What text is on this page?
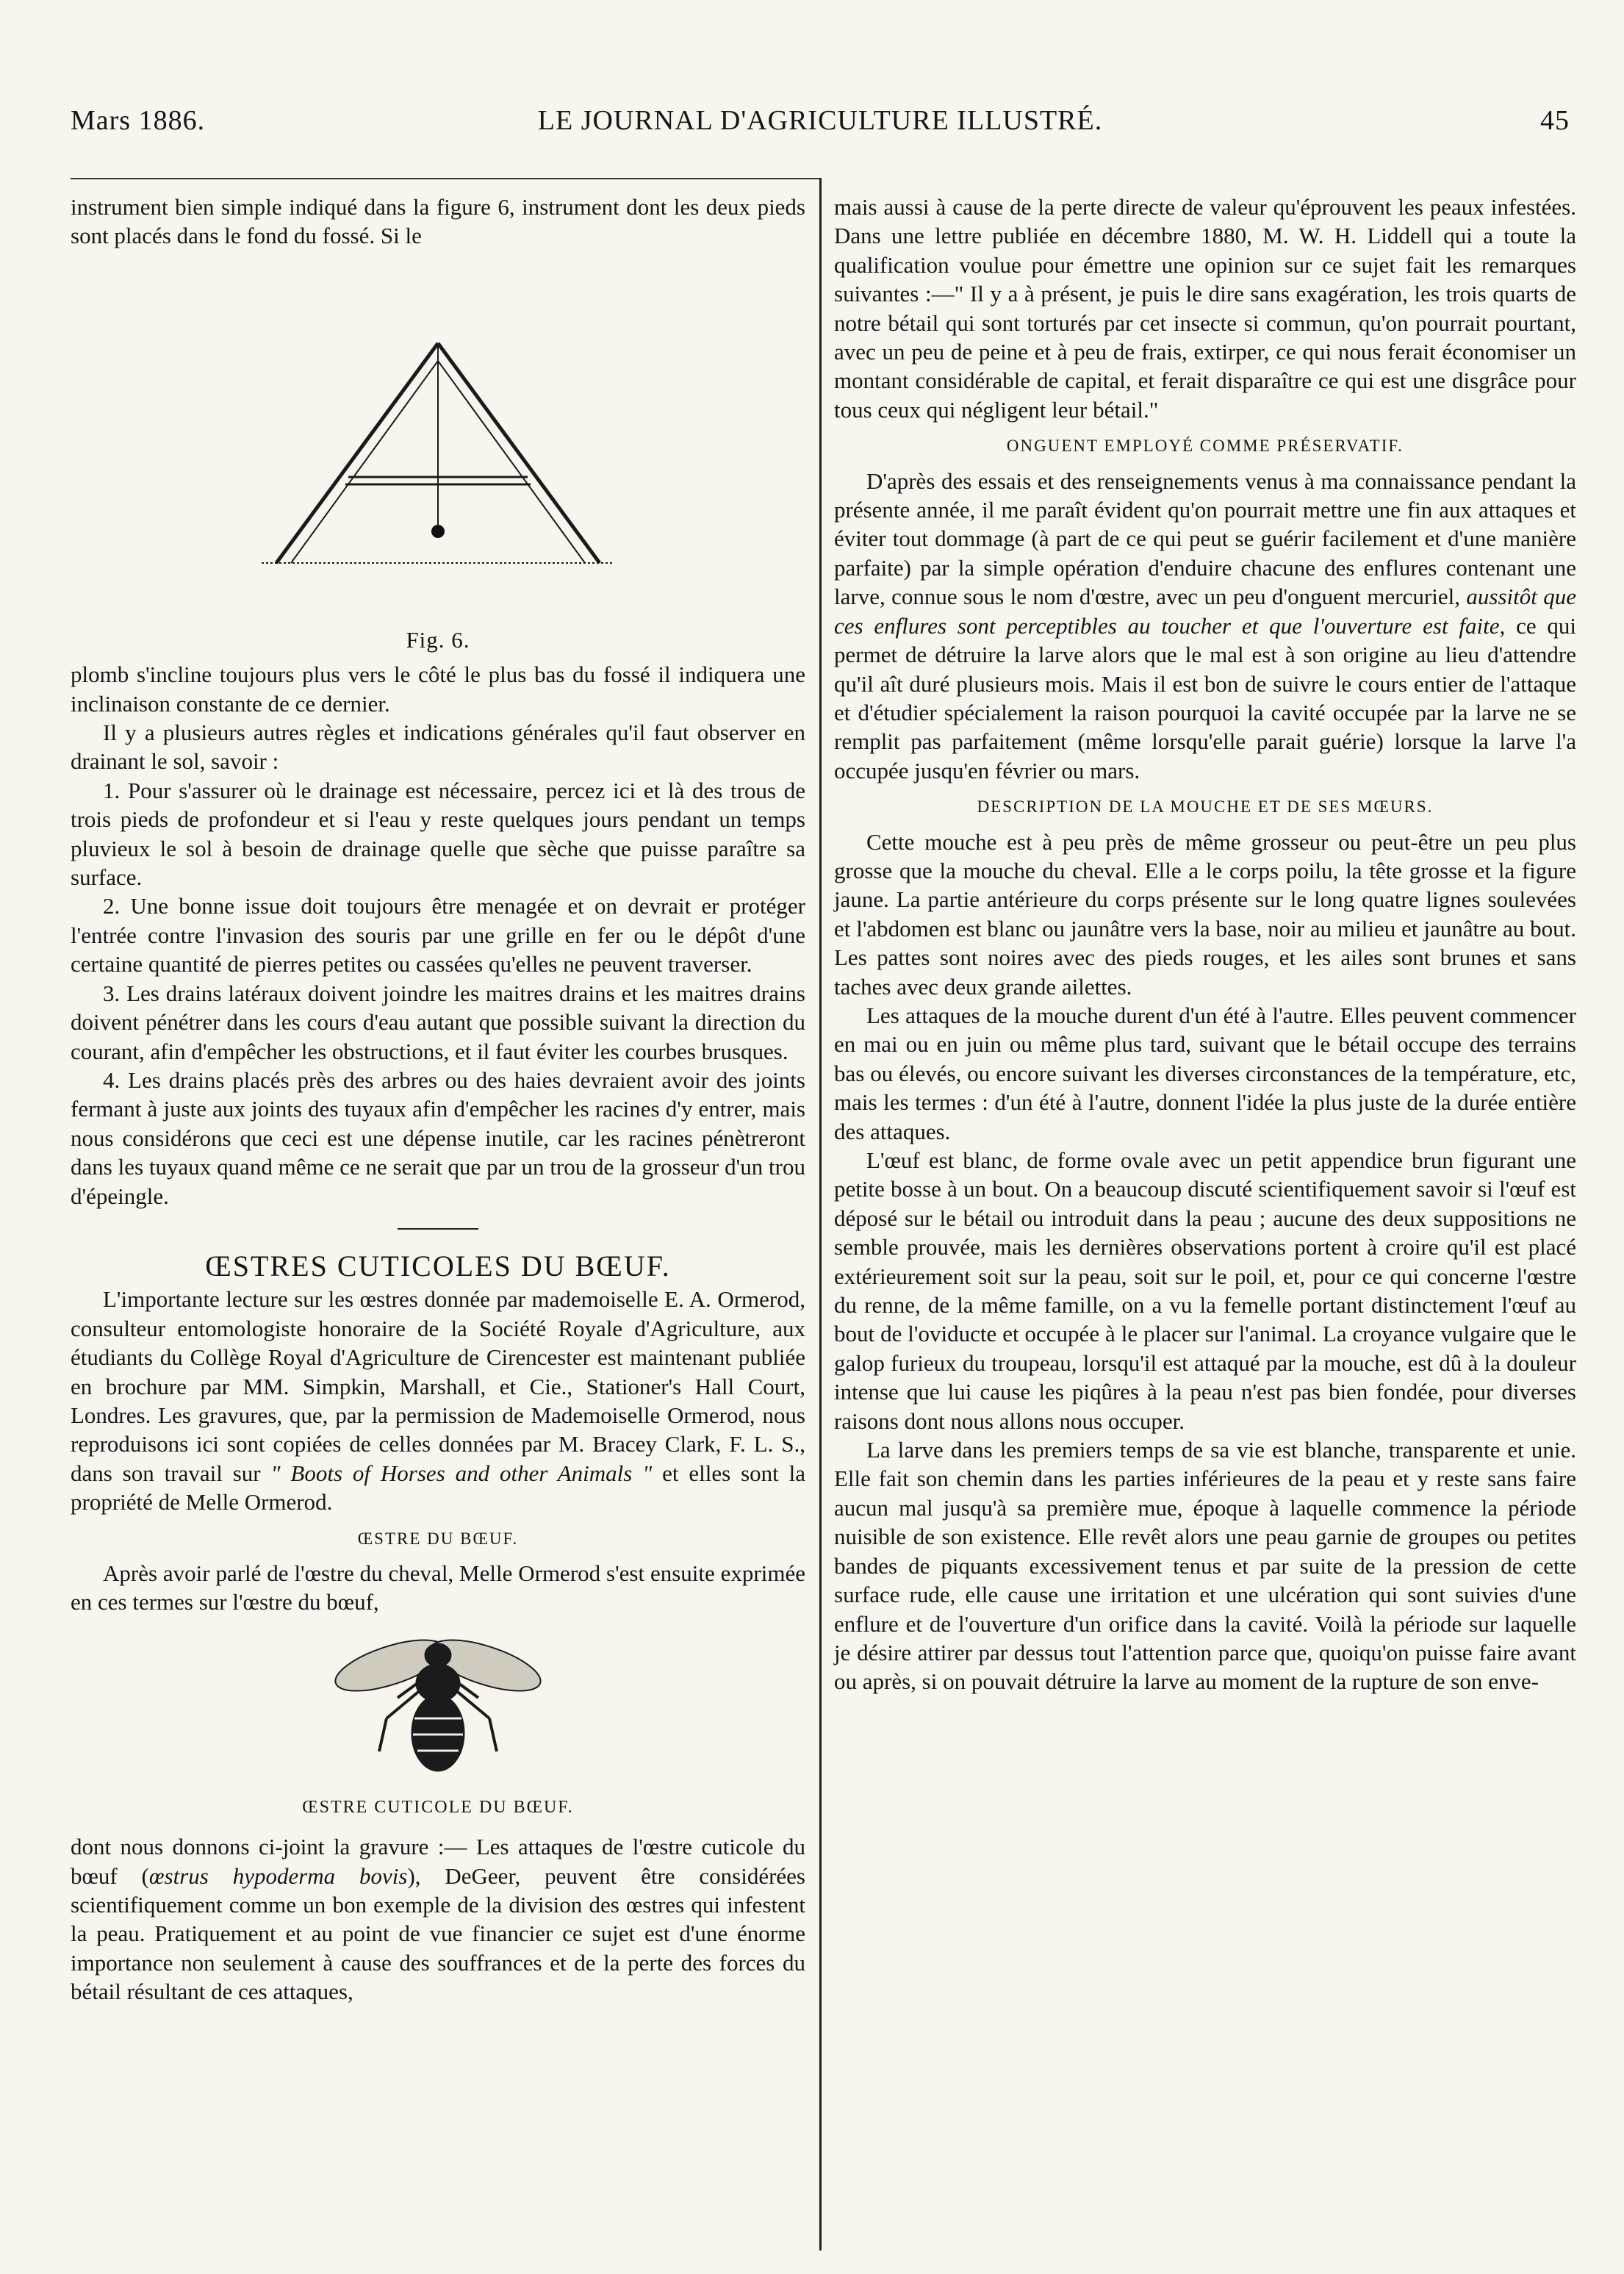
Mars 1886.	LE JOURNAL D'AGRICULTURE ILLUSTRÉ.	45

instrument bien simple indiqué dans la figure 6, instrument dont les deux pieds sont placés dans le fond du fossé. Si le

Fig. 6.

plomb s'incline toujours plus vers le côté le plus bas du fossé il indiquera une inclinaison constante de ce dernier.

Il y a plusieurs autres règles et indications générales qu'il faut observer en drainant le sol, savoir :

1. Pour s'assurer où le drainage est nécessaire, percez ici et là des trous de trois pieds de profondeur et si l'eau y reste quelques jours pendant un temps pluvieux le sol à besoin de drainage quelle que sèche que puisse paraître sa surface.

2. Une bonne issue doit toujours être menagée et on devrait er protéger l'entrée contre l'invasion des souris par une grille en fer ou le dépôt d'une certaine quantité de pierres petites ou cassées qu'elles ne peuvent traverser.

3. Les drains latéraux doivent joindre les maitres drains et les maitres drains doivent pénétrer dans les cours d'eau autant que possible suivant la direction du courant, afin d'empêcher les obstructions, et il faut éviter les courbes brusques.

4. Les drains placés près des arbres ou des haies devraient avoir des joints fermant à juste aux joints des tuyaux afin d'empêcher les racines d'y entrer, mais nous considérons que ceci est une dépense inutile, car les racines pénètreront dans les tuyaux quand même ce ne serait que par un trou de la grosseur d'un trou d'épeingle.

ŒSTRES CUTICOLES DU BŒUF.

L'importante lecture sur les œstres donnée par mademoiselle E. A. Ormerod, consulteur entomologiste honoraire de la Société Royale d'Agriculture, aux étudiants du Collège Royal d'Agriculture de Cirencester est maintenant publiée en brochure par MM. Simpkin, Marshall, et Cie., Stationer's Hall Court, Londres. Les gravures, que, par la permission de Mademoiselle Ormerod, nous reproduisons ici sont copiées de celles données par M. Bracey Clark, F. L. S., dans son travail sur " Boots of Horses and other Animals " et elles sont la propriété de Melle Ormerod.

ŒSTRE DU BŒUF.

Après avoir parlé de l'œstre du cheval, Melle Ormerod s'est ensuite exprimée en ces termes sur l'œstre du bœuf,

ŒSTRE CUTICOLE DU BŒUF.

dont nous donnons ci-joint la gravure :— Les attaques de l'œstre cuticole du bœuf (œstrus hypoderma bovis), DeGeer, peuvent être considérées scientifiquement comme un bon exemple de la division des œstres qui infestent la peau. Pratiquement et au point de vue financier ce sujet est d'une énorme importance non seulement à cause des souffrances et de la perte des forces du bétail résultant de ces attaques,

mais aussi à cause de la perte directe de valeur qu'éprouvent les peaux infestées. Dans une lettre publiée en décembre 1880, M. W. H. Liddell qui a toute la qualification voulue pour émettre une opinion sur ce sujet fait les remarques suivantes :—" Il y a à présent, je puis le dire sans exagération, les trois quarts de notre bétail qui sont torturés par cet insecte si commun, qu'on pourrait pourtant, avec un peu de peine et à peu de frais, extirper, ce qui nous ferait économiser un montant considérable de capital, et ferait disparaître ce qui est une disgrâce pour tous ceux qui négligent leur bétail."

ONGUENT EMPLOYÉ COMME PRÉSERVATIF.

D'après des essais et des renseignements venus à ma connaissance pendant la présente année, il me paraît évident qu'on pourrait mettre une fin aux attaques et éviter tout dommage (à part de ce qui peut se guérir facilement et d'une manière parfaite) par la simple opération d'enduire chacune des enflures contenant une larve, connue sous le nom d'œstre, avec un peu d'onguent mercuriel, aussitôt que ces enflures sont perceptibles au toucher et que l'ouverture est faite, ce qui permet de détruire la larve alors que le mal est à son origine au lieu d'attendre qu'il aît duré plusieurs mois. Mais il est bon de suivre le cours entier de l'attaque et d'étudier spécialement la raison pourquoi la cavité occupée par la larve ne se remplit pas parfaitement (même lorsqu'elle parait guérie) lorsque la larve l'a occupée jusqu'en février ou mars.

DESCRIPTION DE LA MOUCHE ET DE SES MŒURS.

Cette mouche est à peu près de même grosseur ou peut-être un peu plus grosse que la mouche du cheval. Elle a le corps poilu, la tête grosse et la figure jaune. La partie antérieure du corps présente sur le long quatre lignes soulevées et l'abdomen est blanc ou jaunâtre vers la base, noir au milieu et jaunâtre au bout. Les pattes sont noires avec des pieds rouges, et les ailes sont brunes et sans taches avec deux grande ailettes.

Les attaques de la mouche durent d'un été à l'autre. Elles peuvent commencer en mai ou en juin ou même plus tard, suivant que le bétail occupe des terrains bas ou élevés, ou encore suivant les diverses circonstances de la température, etc, mais les termes : d'un été à l'autre, donnent l'idée la plus juste de la durée entière des attaques.

L'œuf est blanc, de forme ovale avec un petit appendice brun figurant une petite bosse à un bout. On a beaucoup discuté scientifiquement savoir si l'œuf est déposé sur le bétail ou introduit dans la peau ; aucune des deux suppositions ne semble prouvée, mais les dernières observations portent à croire qu'il est placé extérieurement soit sur la peau, soit sur le poil, et, pour ce qui concerne l'œstre du renne, de la même famille, on a vu la femelle portant distinctement l'œuf au bout de l'oviducte et occupée à le placer sur l'animal. La croyance vulgaire que le galop furieux du troupeau, lorsqu'il est attaqué par la mouche, est dû à la douleur intense que lui cause les piqûres à la peau n'est pas bien fondée, pour diverses raisons dont nous allons nous occuper.

La larve dans les premiers temps de sa vie est blanche, transparente et unie. Elle fait son chemin dans les parties inférieures de la peau et y reste sans faire aucun mal jusqu'à sa première mue, époque à laquelle commence la période nuisible de son existence. Elle revêt alors une peau garnie de groupes ou petites bandes de piquants excessivement tenus et par suite de la pression de cette surface rude, elle cause une irritation et une ulcération qui sont suivies d'une enflure et de l'ouverture d'un orifice dans la cavité. Voilà la période sur laquelle je désire attirer par dessus tout l'attention parce que, quoiqu'on puisse faire avant ou après, si on pouvait détruire la larve au moment de la rupture de son enve-
